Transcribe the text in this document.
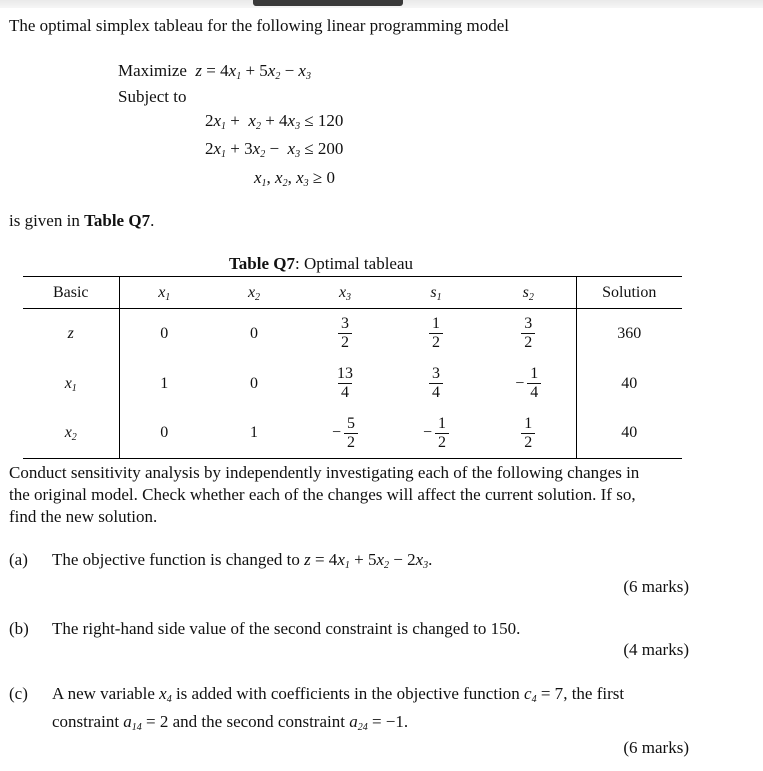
The optimal simplex tableau for the following linear programming model
Maximize  $z = 4x_1 + 5x_2 - x_3$
Subject to
$2x_1 + x_2 + 4x_3 \le 120$
$2x_1 + 3x_2 - x_3 \le 200$
$x_1$, $x_2$, $x_3 \ge 0$
is given in Table Q7.
Table Q7: Optimal tableau
Basic	$x_1$	$x_2$	$x_3$	$s_1$	$s_2$	Solution
z	0	0	$\frac{3}{2}$	$\frac{1}{2}$	$\frac{3}{2}$	360
$x_1$	1	0	$\frac{13}{4}$	$\frac{3}{4}$	− $\frac{1}{4}$	40
$x_2$	0	1	− $\frac{5}{2}$	− $\frac{1}{2}$	$\frac{1}{2}$	40
Conduct sensitivity analysis by independently investigating each of the following changes in
the original model. Check whether each of the changes will affect the current solution. If so,
find the new solution.
(a) The objective function is changed to $z = 4x_1 + 5x_2 - 2x_3$.
(6 marks)
(b) The right-hand side value of the second constraint is changed to 150.
(4 marks)
(c) A new variable $x_4$ is added with coefficients in the objective function $c_4 = 7$, the first
constraint $a_{14} = 2$ and the second constraint $a_{24} = -1$.
(6 marks)
